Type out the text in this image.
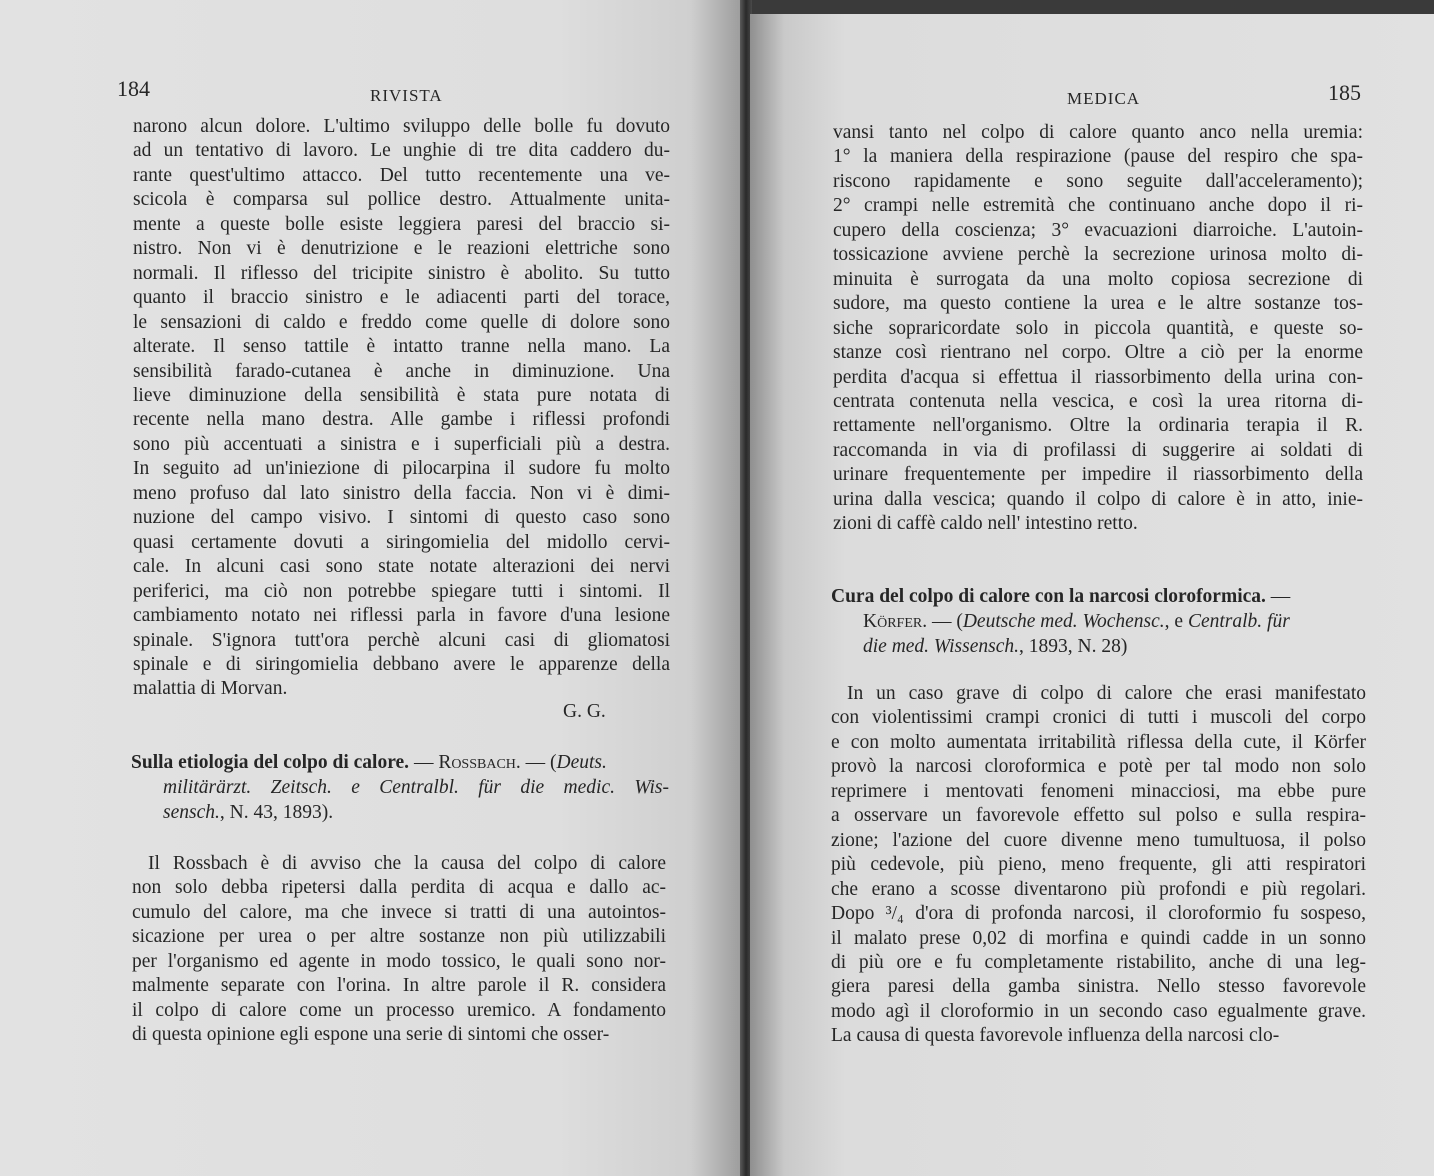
184	RIVISTA
narono alcun dolore. L'ultimo sviluppo delle bolle fu dovuto
ad un tentativo di lavoro. Le unghie di tre dita caddero du-
rante quest'ultimo attacco. Del tutto recentemente una ve-
scicola è comparsa sul pollice destro. Attualmente unita-
mente a queste bolle esiste leggiera paresi del braccio si-
nistro. Non vi è denutrizione e le reazioni elettriche sono
normali. Il riflesso del tricipite sinistro è abolito. Su tutto
quanto il braccio sinistro e le adiacenti parti del torace,
le sensazioni di caldo e freddo come quelle di dolore sono
alterate. Il senso tattile è intatto tranne nella mano. La
sensibilità farado-cutanea è anche in diminuzione. Una
lieve diminuzione della sensibilità è stata pure notata di
recente nella mano destra. Alle gambe i riflessi profondi
sono più accentuati a sinistra e i superficiali più a destra.
In seguito ad un'iniezione di pilocarpina il sudore fu molto
meno profuso dal lato sinistro della faccia. Non vi è dimi-
nuzione del campo visivo. I sintomi di questo caso sono
quasi certamente dovuti a siringomielia del midollo cervi-
cale. In alcuni casi sono state notate alterazioni dei nervi
periferici, ma ciò non potrebbe spiegare tutti i sintomi. Il
cambiamento notato nei riflessi parla in favore d'una lesione
spinale. S'ignora tutt'ora perchè alcuni casi di gliomatosi
spinale e di siringomielia debbano avere le apparenze della
malattia di Morvan.
G. G.
Sulla etiologia del colpo di calore. — Rossbach. — (Deuts.
militärärzt. Zeitsch. e Centralbl. für die medic. Wis-
sensch., N. 43, 1893).
Il Rossbach è di avviso che la causa del colpo di calore
non solo debba ripetersi dalla perdita di acqua e dallo ac-
cumulo del calore, ma che invece si tratti di una autointos-
sicazione per urea o per altre sostanze non più utilizzabili
per l'organismo ed agente in modo tossico, le quali sono nor-
malmente separate con l'orina. In altre parole il R. considera
il colpo di calore come un processo uremico. A fondamento
di questa opinione egli espone una serie di sintomi che osser-
MEDICA	185
vansi tanto nel colpo di calore quanto anco nella uremia:
1° la maniera della respirazione (pause del respiro che spa-
riscono rapidamente e sono seguite dall'acceleramento);
2° crampi nelle estremità che continuano anche dopo il ri-
cupero della coscienza; 3° evacuazioni diarroiche. L'autoin-
tossicazione avviene perchè la secrezione urinosa molto di-
minuita è surrogata da una molto copiosa secrezione di
sudore, ma questo contiene la urea e le altre sostanze tos-
siche soprаricordate solo in piccola quantità, e queste so-
stanze così rientrano nel corpo. Oltre a ciò per la enorme
perdita d'acqua si effettua il riassorbimento della urina con-
centrata contenuta nella vescica, e così la urea ritorna di-
rettamente nell'organismo. Oltre la ordinaria terapia il R.
raccomanda in via di profilassi di suggerire ai soldati di
urinare frequentemente per impedire il riassorbimento della
urina dalla vescica; quando il colpo di calore è in atto, inie-
zioni di caffè caldo nell' intestino retto.
Cura del colpo di calore con la narcosi cloroformica. —
Körfer. — (Deutsche med. Wochensc., e Centralb. für
die med. Wissensch., 1893, N. 28)
In un caso grave di colpo di calore che erasi manifestato
con violentissimi crampi cronici di tutti i muscoli del corpo
e con molto aumentata irritabilità riflessa della cute, il Körfer
provò la narcosi cloroformica e potè per tal modo non solo
reprimere i mentovati fenomeni minacciosi, ma ebbe pure
a osservare un favorevole effetto sul polso e sulla respira-
zione; l'azione del cuore divenne meno tumultuosa, il polso
più cedevole, più pieno, meno frequente, gli atti respiratori
che erano a scosse diventarono più profondi e più regolari.
Dopo ³/₄ d'ora di profonda narcosi, il cloroformio fu sospeso,
il malato prese 0,02 di morfina e quindi cadde in un sonno
di più ore e fu completamente ristabilito, anche di una leg-
giera paresi della gamba sinistra. Nello stesso favorevole
modo agì il cloroformio in un secondo caso egualmente grave.
La causa di questa favorevole influenza della narcosi clo-
